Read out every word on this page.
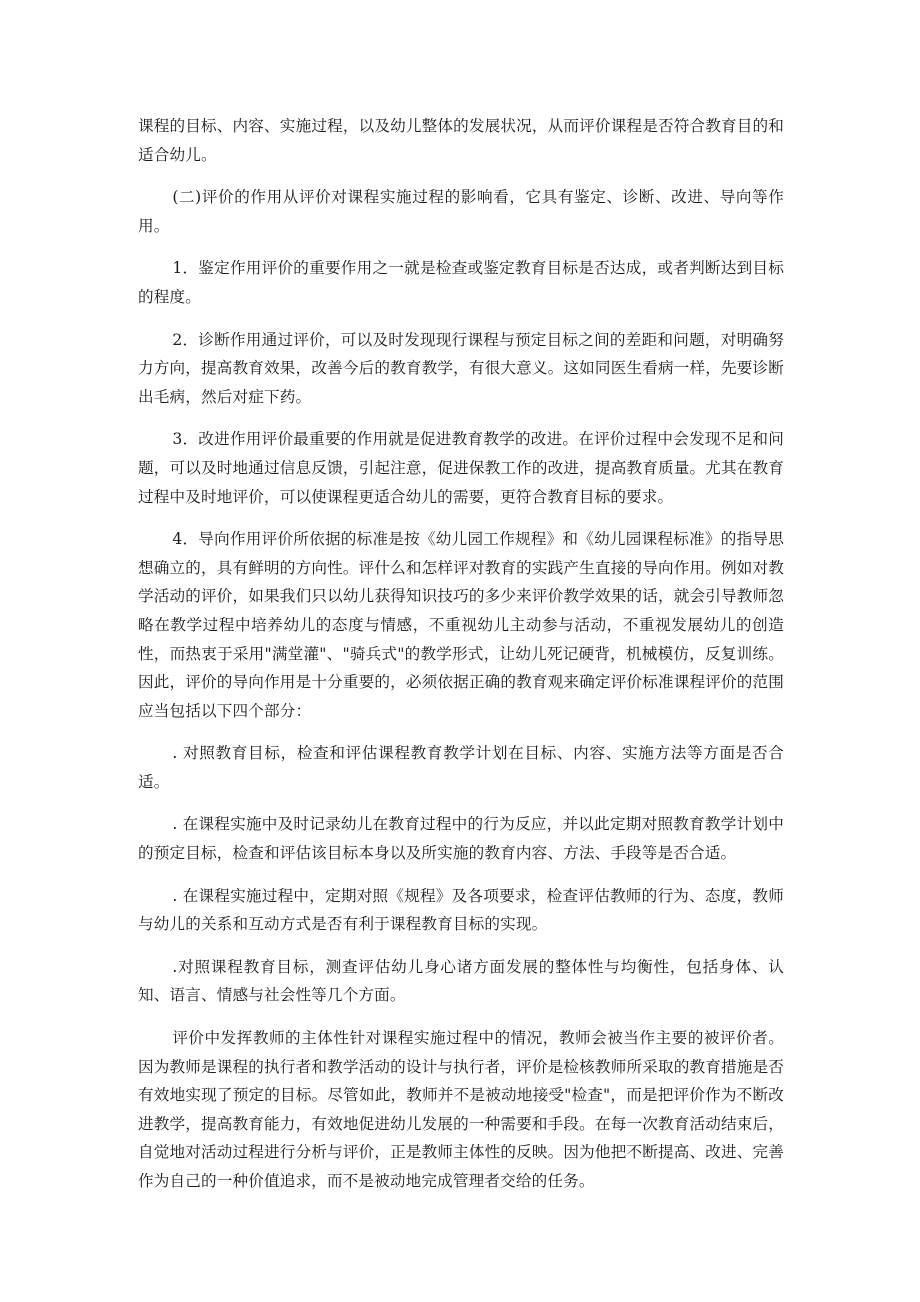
课程的目标、内容、实施过程，以及幼儿整体的发展状况，从而评价课程是否符合教育目的和适合幼儿。

(二)评价的作用从评价对课程实施过程的影响看，它具有鉴定、诊断、改进、导向等作用。

1．鉴定作用评价的重要作用之一就是检查或鉴定教育目标是否达成，或者判断达到目标的程度。

2．诊断作用通过评价，可以及时发现现行课程与预定目标之间的差距和问题，对明确努力方向，提高教育效果，改善今后的教育教学，有很大意义。这如同医生看病一样，先要诊断出毛病，然后对症下药。

3．改进作用评价最重要的作用就是促进教育教学的改进。在评价过程中会发现不足和问题，可以及时地通过信息反馈，引起注意，促进保教工作的改进，提高教育质量。尤其在教育过程中及时地评价，可以使课程更适合幼儿的需要，更符合教育目标的要求。

4．导向作用评价所依据的标准是按《幼儿园工作规程》和《幼儿园课程标准》的指导思想确立的，具有鲜明的方向性。评什么和怎样评对教育的实践产生直接的导向作用。例如对教学活动的评价，如果我们只以幼儿获得知识技巧的多少来评价教学效果的话，就会引导教师忽略在教学过程中培养幼儿的态度与情感，不重视幼儿主动参与活动，不重视发展幼儿的创造性，而热衷于采用"满堂灌"、"骑兵式"的教学形式，让幼儿死记硬背，机械模仿，反复训练。因此，评价的导向作用是十分重要的，必须依据正确的教育观来确定评价标准课程评价的范围应当包括以下四个部分：

. 对照教育目标，检查和评估课程教育教学计划在目标、内容、实施方法等方面是否合适。

. 在课程实施中及时记录幼儿在教育过程中的行为反应，并以此定期对照教育教学计划中的预定目标，检查和评估该目标本身以及所实施的教育内容、方法、手段等是否合适。

. 在课程实施过程中，定期对照《规程》及各项要求，检查评估教师的行为、态度，教师与幼儿的关系和互动方式是否有利于课程教育目标的实现。

.对照课程教育目标，测查评估幼儿身心诸方面发展的整体性与均衡性，包括身体、认知、语言、情感与社会性等几个方面。

评价中发挥教师的主体性针对课程实施过程中的情况，教师会被当作主要的被评价者。因为教师是课程的执行者和教学活动的设计与执行者，评价是检核教师所采取的教育措施是否有效地实现了预定的目标。尽管如此，教师并不是被动地接受"检查"，而是把评价作为不断改进教学，提高教育能力，有效地促进幼儿发展的一种需要和手段。在每一次教育活动结束后，自觉地对活动过程进行分析与评价，正是教师主体性的反映。因为他把不断提高、改进、完善作为自己的一种价值追求，而不是被动地完成管理者交给的任务。
